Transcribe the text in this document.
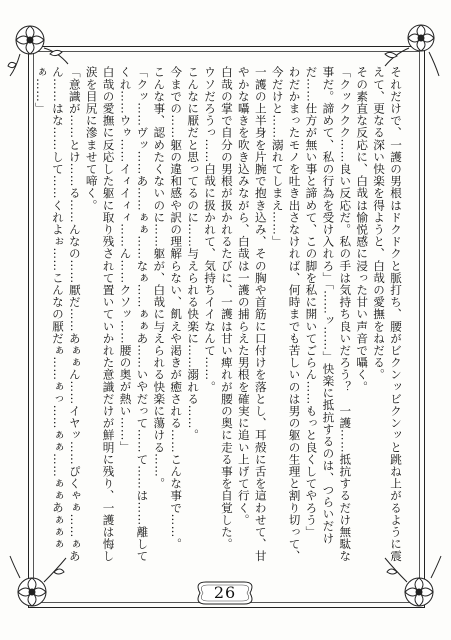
それだけで、一護の男根はドクドクと脈打ち、腰がビクンッビクンッと跳ね上がるように震えて、更なる深い快楽を得ようと、白哉の愛撫をねだる。

その素直な反応に、白哉は愉悦感に浸った甘い声音で囁く。

「クッククク……良い反応だ。私の手は気持ち良いだろう？　一護……抵抗するだけ無駄な事だ。諦めて、私の行為を受け入れろ」「……ッ……」快楽に抵抗するのは、つらいだけだ……仕方が無い事と諦めて、この脚を私に開いてごらん……もっと良くしてやろう」

わだかまったモノを吐き出さなければ、何時までも苦しいのは男の躯の生理と割り切って、今だけと……溺れてしまえ……」

一護の上半身を片腕で抱き込み、その胸や首筋に口付けを落とし、耳殻に舌を這わせて、甘やかな囁きを吹き込みながら、白哉は一護の捕らえた男根を確実に追い上げて行く。

白哉の掌で自分の男根が扱かれるたびに、一護は甘い痺れが腰の奥に走る事を自覚した。

ウソだろうっ……白哉に扱かれて、気持ちイイなんて……。

こんなに厭だと思ってるのに……与えられる快楽に……溺れる……。

今までの……躯の違和感や訳の理解らない、飢えや渇きが癒される……こんな事で……。

こんな事、認めたくないのに……躯が、白哉に与えられる快楽に蕩ける……。

「クッ……ヴッ……あ……ぁぁ……なぁ……ぁぁあ……いやだって……て……は……離してくれ……ウゥ……イィイィィ……ん……クソッ……腰の奥が熱い……」

白哉の愛撫に反応した躯に取り残されて置いていかれた意識だけが鮮明に残り、一護は悔し涙を目尻に滲ませて啼く。

「意識が……とけ……る……んなの……厭だ……あぁぁん……イヤッ……ぴくゃぁ……ぁあん……はな……して……くれよぉ……こんなの厭だぁ……ぁっ……ぁぁ……ぁぁあぁぁぁぁ……」

26
